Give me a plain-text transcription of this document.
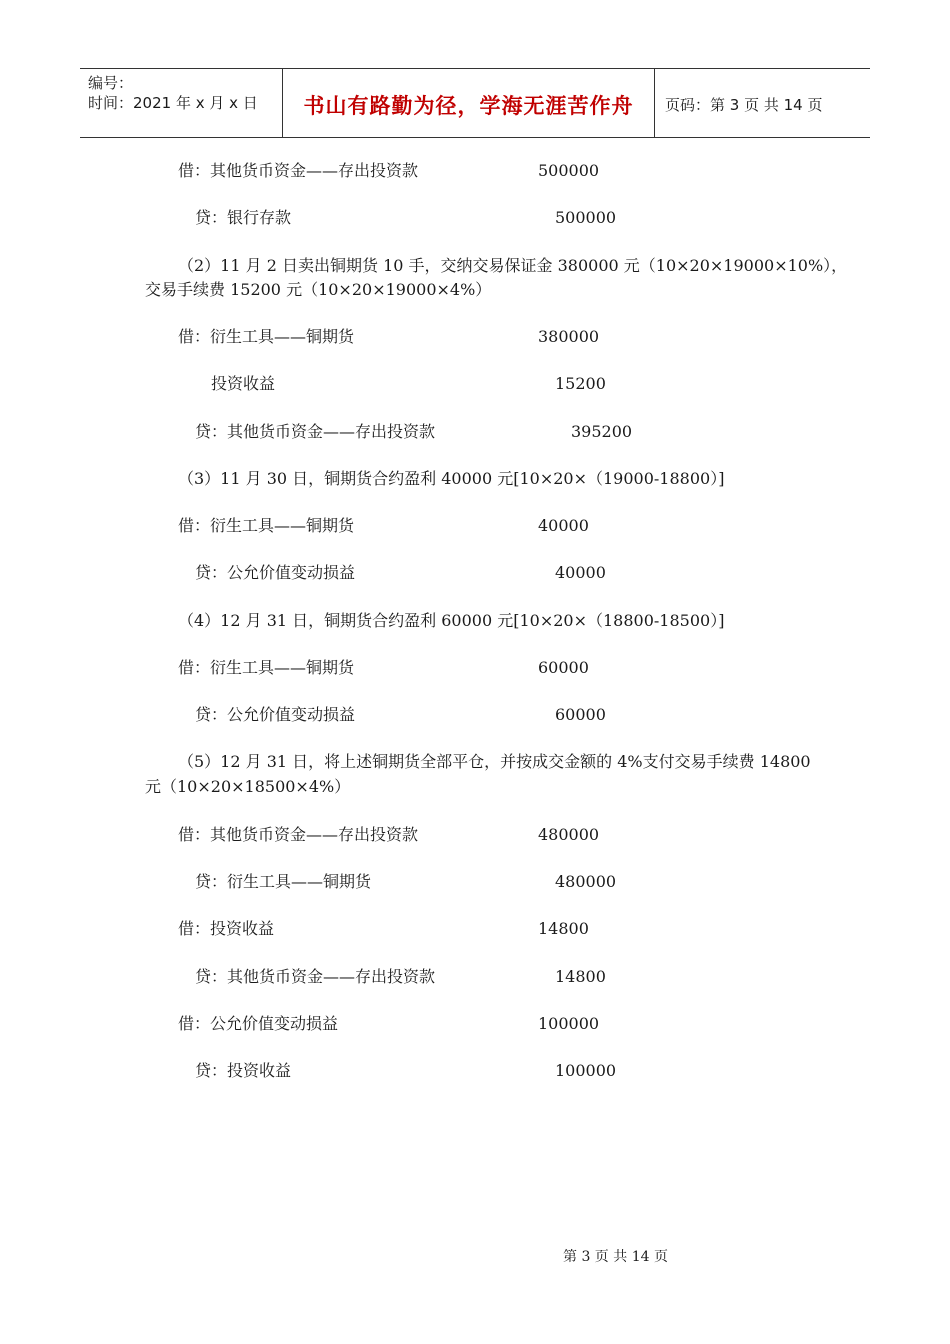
编号：
时间：2021 年 x 月 x 日	书山有路勤为径，学海无涯苦作舟	页码：第 3 页 共 14 页
借：其他货币资金——存出投资款	500000
贷：银行存款	500000
（2）11 月 2 日卖出铜期货 10 手，交纳交易保证金 380000 元（10×20×19000×10%），
交易手续费 15200 元（10×20×19000×4%）
借：衍生工具——铜期货	380000
投资收益	15200
贷：其他货币资金——存出投资款	395200
（3）11 月 30 日，铜期货合约盈利 40000 元[10×20×（19000-18800）]
借：衍生工具——铜期货	40000
贷：公允价值变动损益	40000
（4）12 月 31 日，铜期货合约盈利 60000 元[10×20×（18800-18500）]
借：衍生工具——铜期货	60000
贷：公允价值变动损益	60000
（5）12 月 31 日，将上述铜期货全部平仓，并按成交金额的 4%支付交易手续费 14800
元（10×20×18500×4%）
借：其他货币资金——存出投资款	480000
贷：衍生工具——铜期货	480000
借：投资收益	14800
贷：其他货币资金——存出投资款	14800
借：公允价值变动损益	100000
贷：投资收益	100000
第 3 页 共 14 页
